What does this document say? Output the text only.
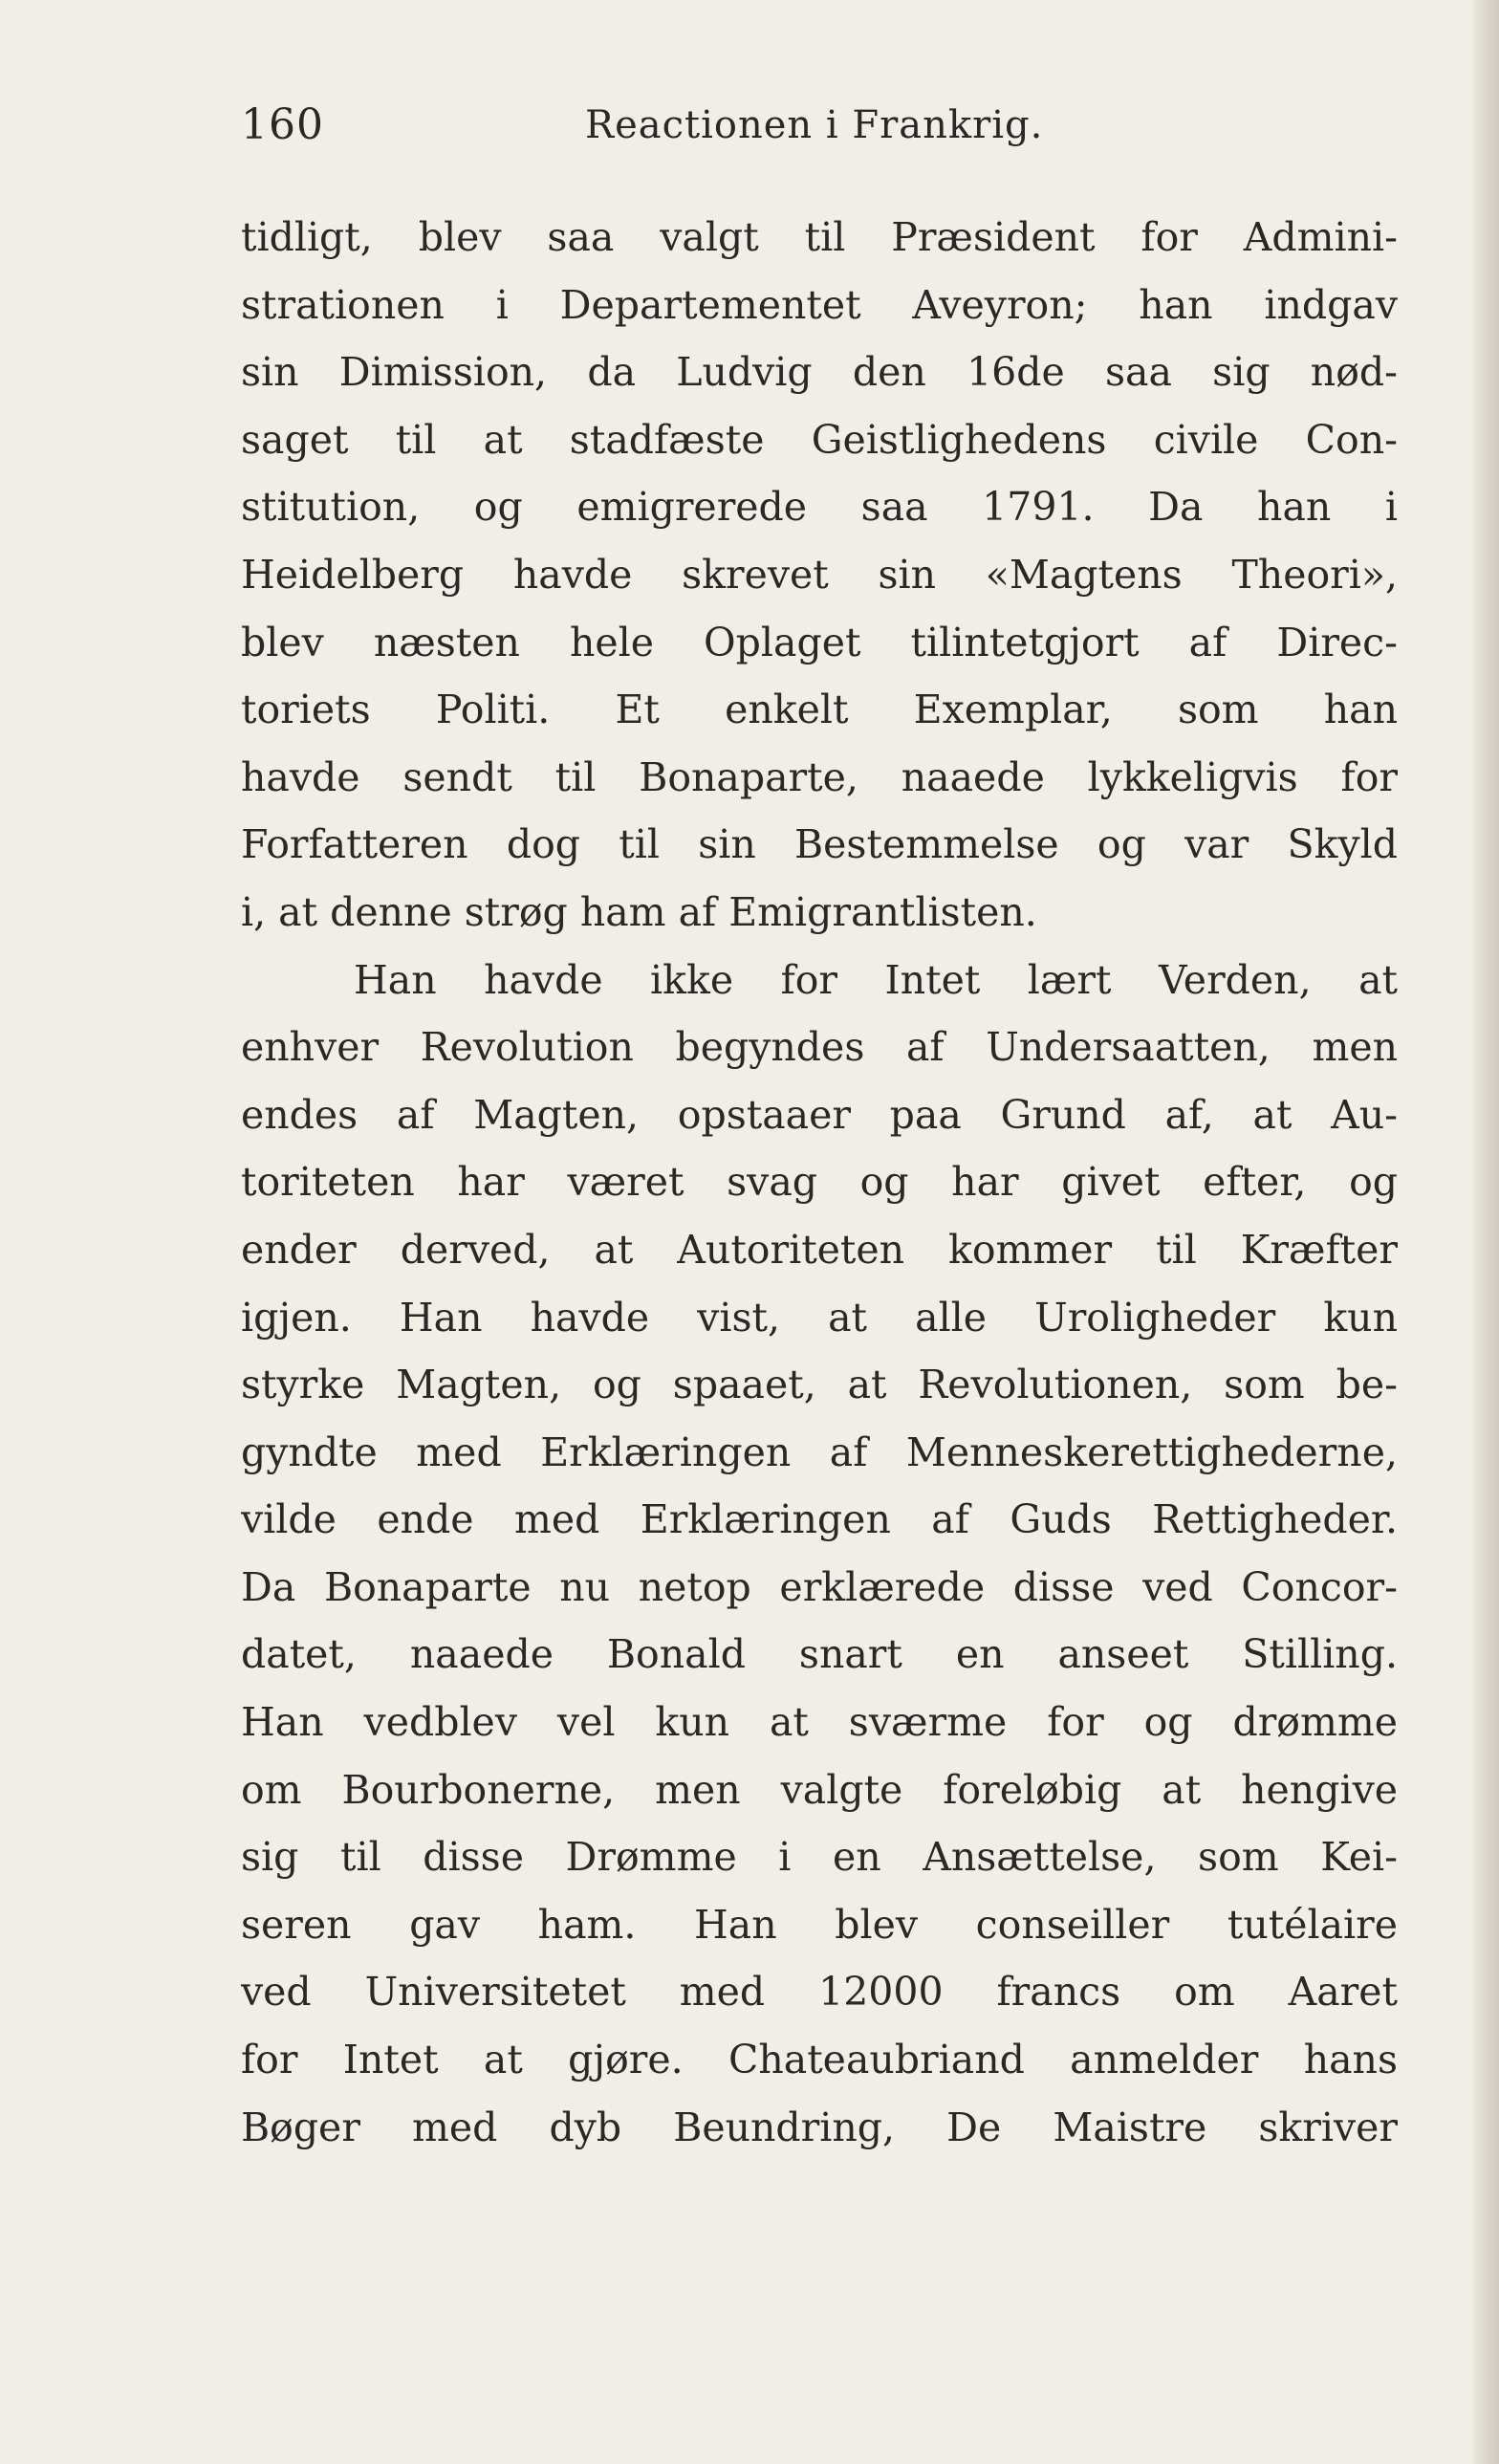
160	Reactionen i Frankrig.
tidligt, blev saa valgt til Præsident for Admini-
strationen i Departementet Aveyron; han indgav
sin Dimission, da Ludvig den 16de saa sig nød-
saget til at stadfæste Geistlighedens civile Con-
stitution, og emigrerede saa 1791. Da han i
Heidelberg havde skrevet sin «Magtens Theori»,
blev næsten hele Oplaget tilintetgjort af Direc-
toriets Politi. Et enkelt Exemplar, som han
havde sendt til Bonaparte, naaede lykkeligvis for
Forfatteren dog til sin Bestemmelse og var Skyld
i, at denne strøg ham af Emigrantlisten.
Han havde ikke for Intet lært Verden, at
enhver Revolution begyndes af Undersaatten, men
endes af Magten, opstaaer paa Grund af, at Au-
toriteten har været svag og har givet efter, og
ender derved, at Autoriteten kommer til Kræfter
igjen. Han havde vist, at alle Uroligheder kun
styrke Magten, og spaaet, at Revolutionen, som be-
gyndte med Erklæringen af Menneskerettighederne,
vilde ende med Erklæringen af Guds Rettigheder.
Da Bonaparte nu netop erklærede disse ved Concor-
datet, naaede Bonald snart en anseet Stilling.
Han vedblev vel kun at sværme for og drømme
om Bourbonerne, men valgte foreløbig at hengive
sig til disse Drømme i en Ansættelse, som Kei-
seren gav ham. Han blev conseiller tutélaire
ved Universitetet med 12000 francs om Aaret
for Intet at gjøre. Chateaubriand anmelder hans
Bøger med dyb Beundring, De Maistre skriver
